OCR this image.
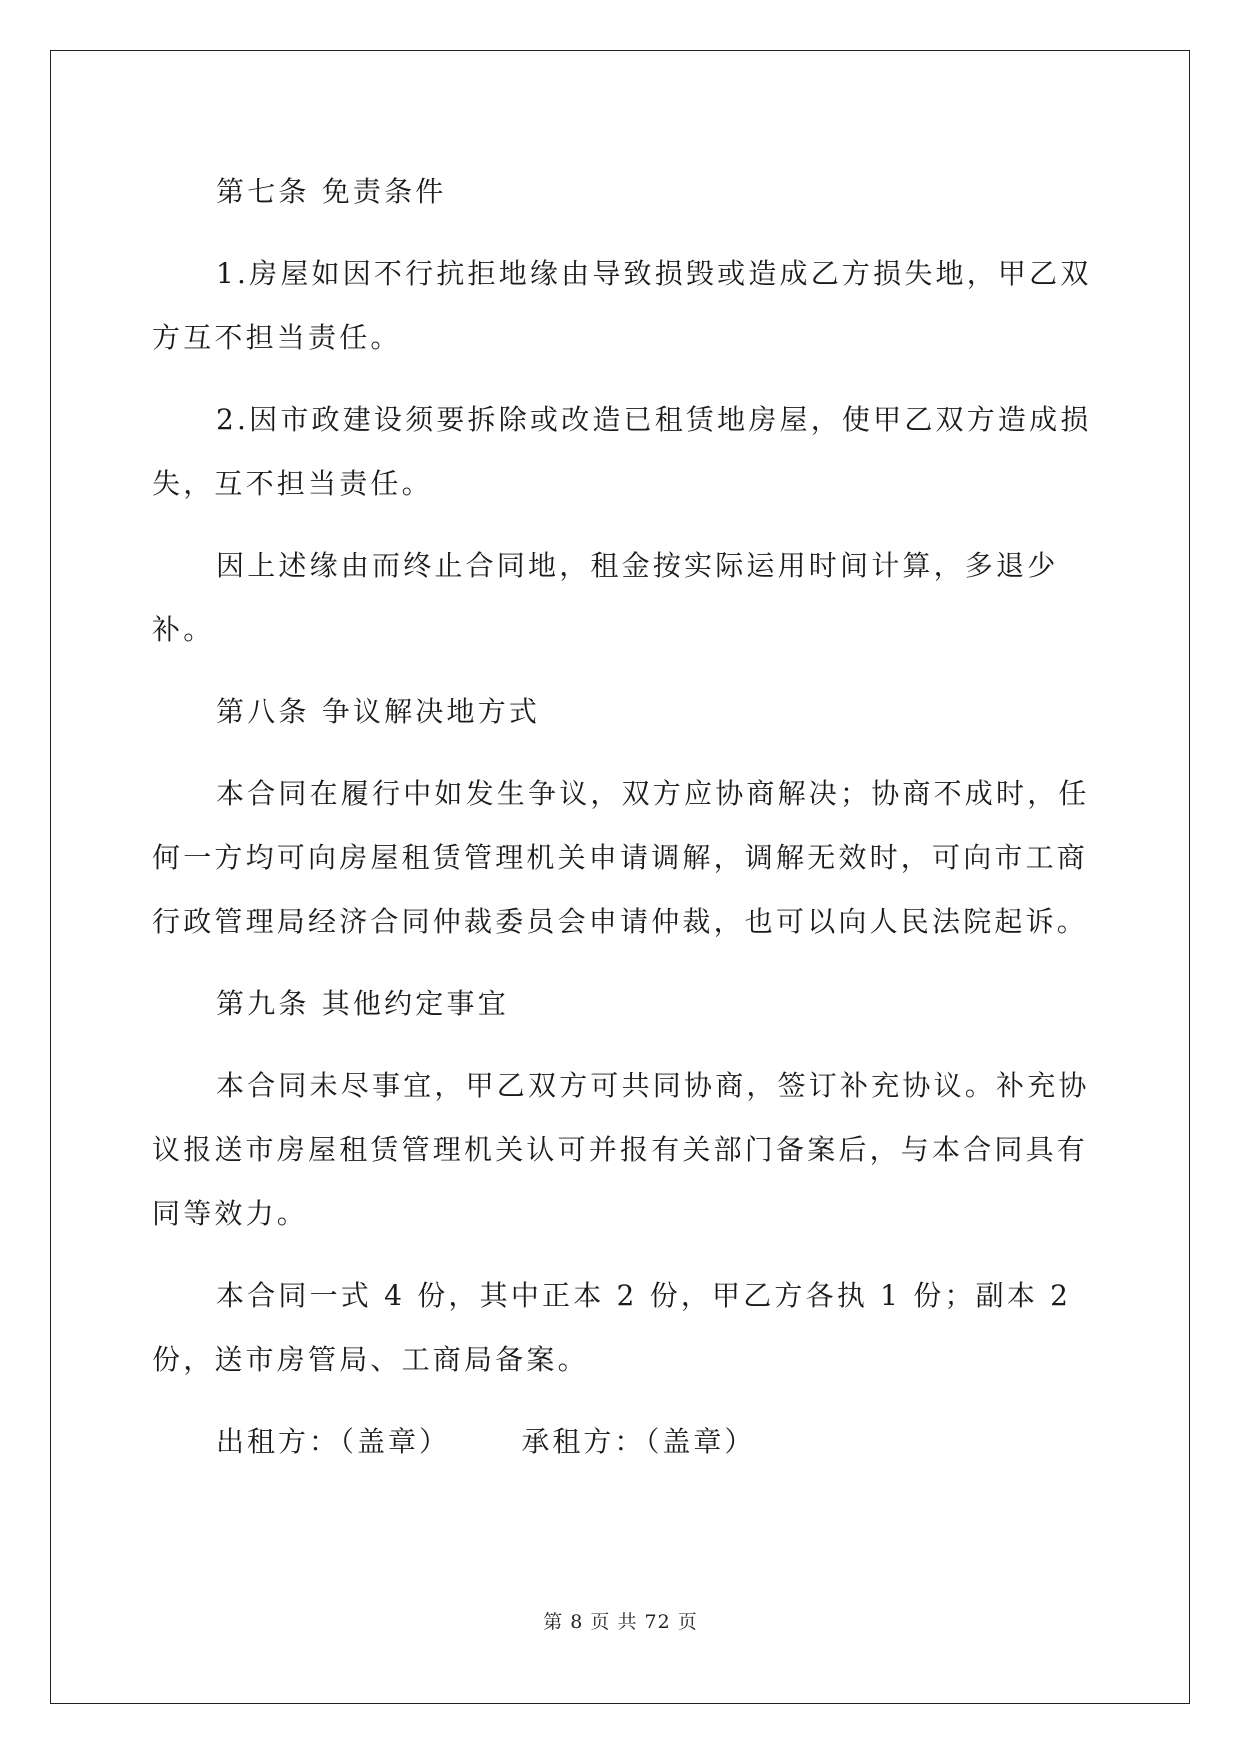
第七条 免责条件

1.房屋如因不行抗拒地缘由导致损毁或造成乙方损失地，甲乙双方互不担当责任。

2.因市政建设须要拆除或改造已租赁地房屋，使甲乙双方造成损失，互不担当责任。

因上述缘由而终止合同地，租金按实际运用时间计算，多退少补。

第八条 争议解决地方式

本合同在履行中如发生争议，双方应协商解决；协商不成时，任何一方均可向房屋租赁管理机关申请调解，调解无效时，可向市工商行政管理局经济合同仲裁委员会申请仲裁，也可以向人民法院起诉。

第九条 其他约定事宜

本合同未尽事宜，甲乙双方可共同协商，签订补充协议。补充协议报送市房屋租赁管理机关认可并报有关部门备案后，与本合同具有同等效力。

本合同一式 4 份，其中正本 2 份，甲乙方各执 1 份；副本 2 份，送市房管局、工商局备案。

出租方：（盖章）      承租方：（盖章）

第 8 页 共 72 页
